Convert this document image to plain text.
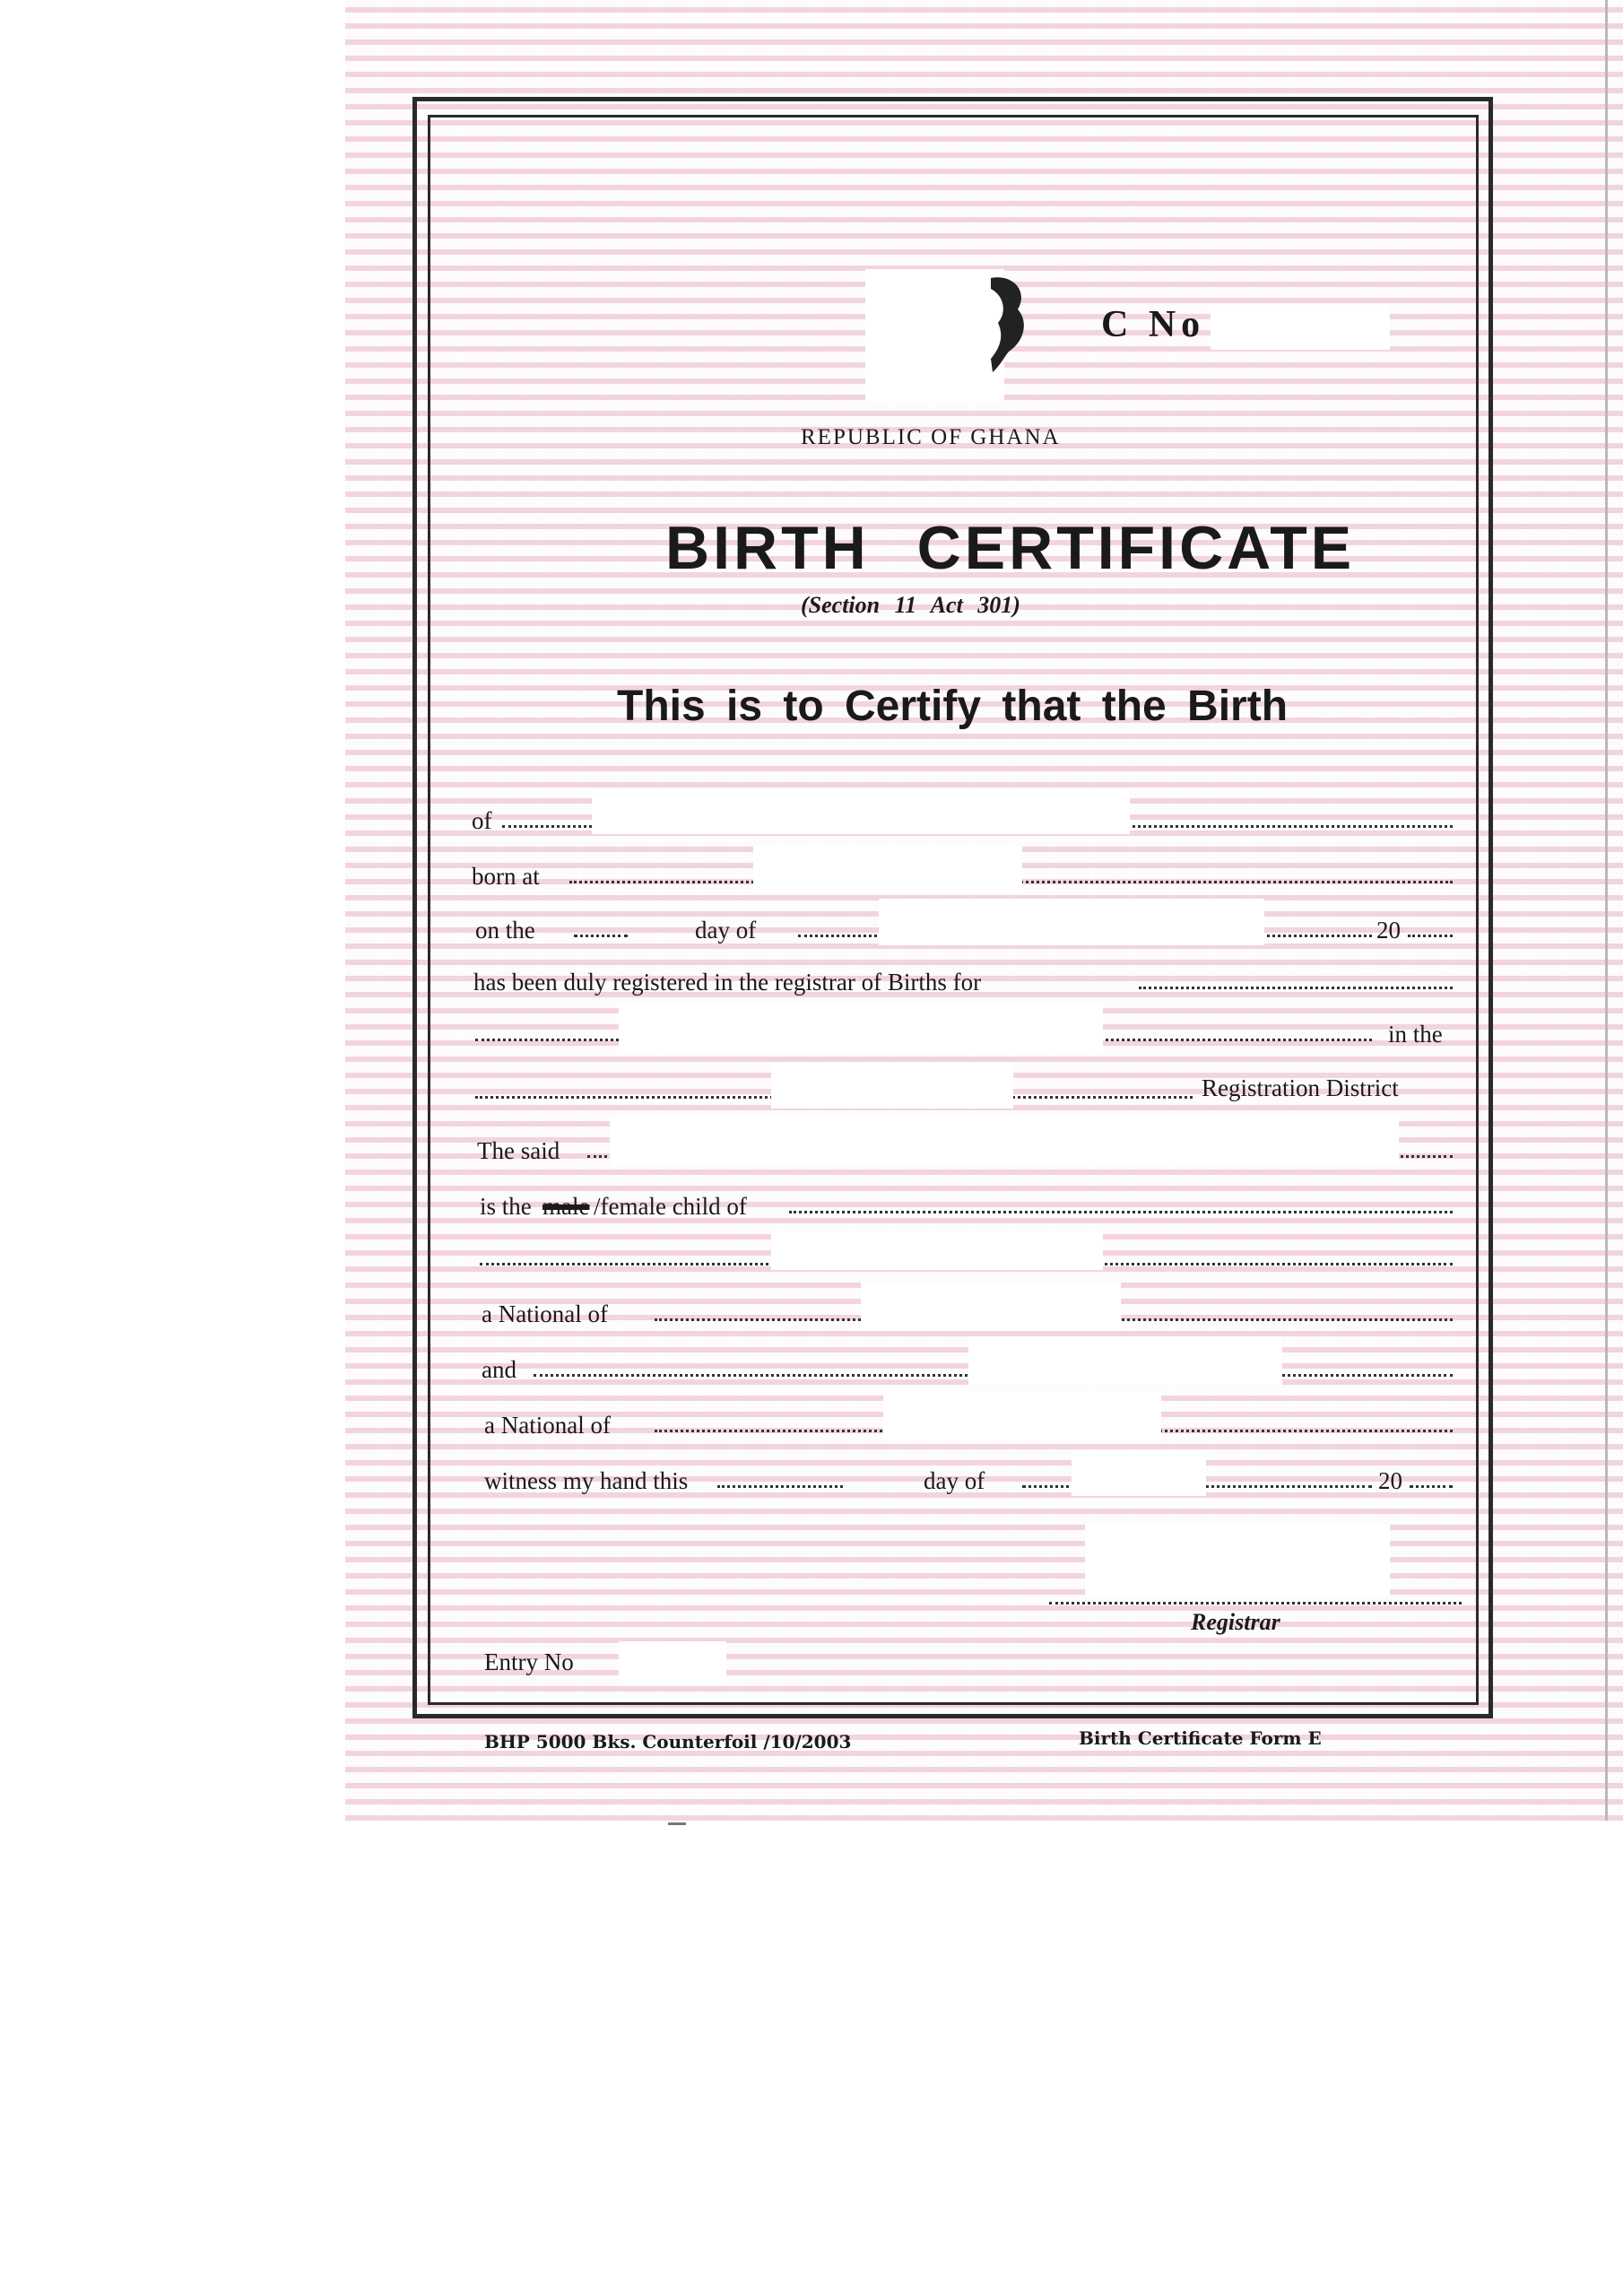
C No
REPUBLIC OF GHANA
BIRTH CERTIFICATE
(Section 11 Act 301)
This is to Certify that the Birth
of
born at
on the	day of	20
has been duly registered in the registrar of Births for
in the
Registration District
The said
is the male /female child of
a National of
and
a National of
witness my hand this	day of	20
Registrar
Entry No
BHP 5000 Bks. Counterfoil /10/2003	Birth Certificate Form E
